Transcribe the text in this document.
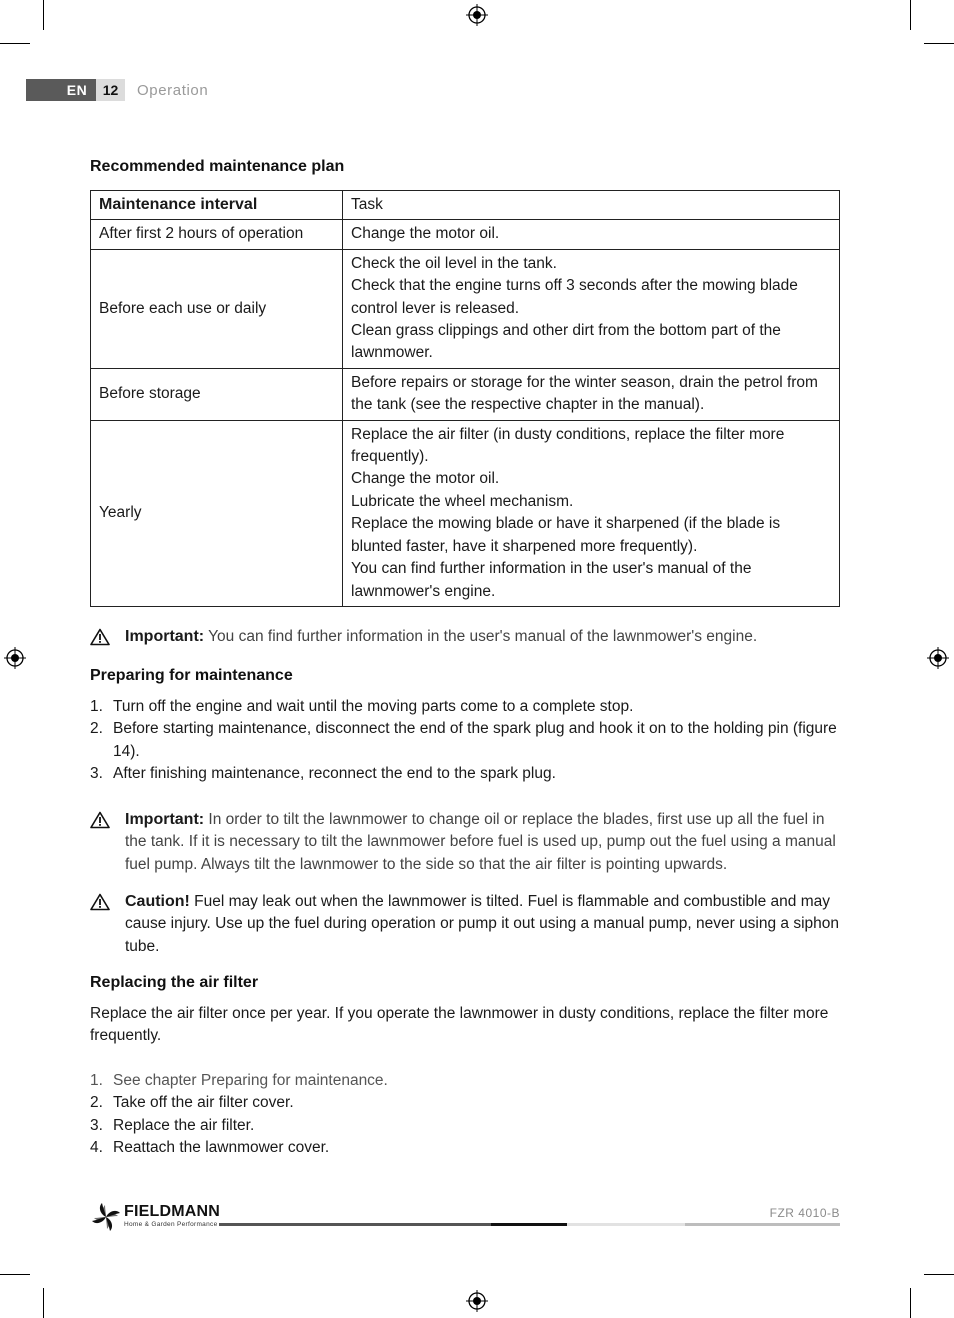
EN	12	Operation
Recommended maintenance plan
Maintenance interval	Task
After first 2 hours of operation	Change the motor oil.

Before each use or daily	Check the oil level in the tank.
Check that the engine turns off 3 seconds after the mowing blade control lever is released.
Clean grass clippings and other dirt from the bottom part of the lawnmower.

Before storage	Before repairs or storage for the winter season, drain the petrol from the tank (see the respective chapter in the manual).

Yearly	Replace the air filter (in dusty conditions, replace the filter more frequently).
Change the motor oil.
Lubricate the wheel mechanism.
Replace the mowing blade or have it sharpened (if the blade is blunted faster, have it sharpened more frequently).
You can find further information in the user's manual of the lawnmower's engine.
Important: You can find further information in the user's manual of the lawnmower's engine.
Preparing for maintenance
1. Turn off the engine and wait until the moving parts come to a complete stop.
2. Before starting maintenance, disconnect the end of the spark plug and hook it on to the holding pin (figure 14).
3. After finishing maintenance, reconnect the end to the spark plug.
Important: In order to tilt the lawnmower to change oil or replace the blades, first use up all the fuel in the tank. If it is necessary to tilt the lawnmower before fuel is used up, pump out the fuel using a manual fuel pump. Always tilt the lawnmower to the side so that the air filter is pointing upwards.
Caution! Fuel may leak out when the lawnmower is tilted. Fuel is flammable and combustible and may cause injury. Use up the fuel during operation or pump it out using a manual pump, never using a siphon tube.
Replacing the air filter
Replace the air filter once per year. If you operate the lawnmower in dusty conditions, replace the filter more frequently.
1. See chapter Preparing for maintenance.
2. Take off the air filter cover.
3. Replace the air filter.
4. Reattach the lawnmower cover.
FIELDMANN
Home & Garden Performance
FZR 4010-B
